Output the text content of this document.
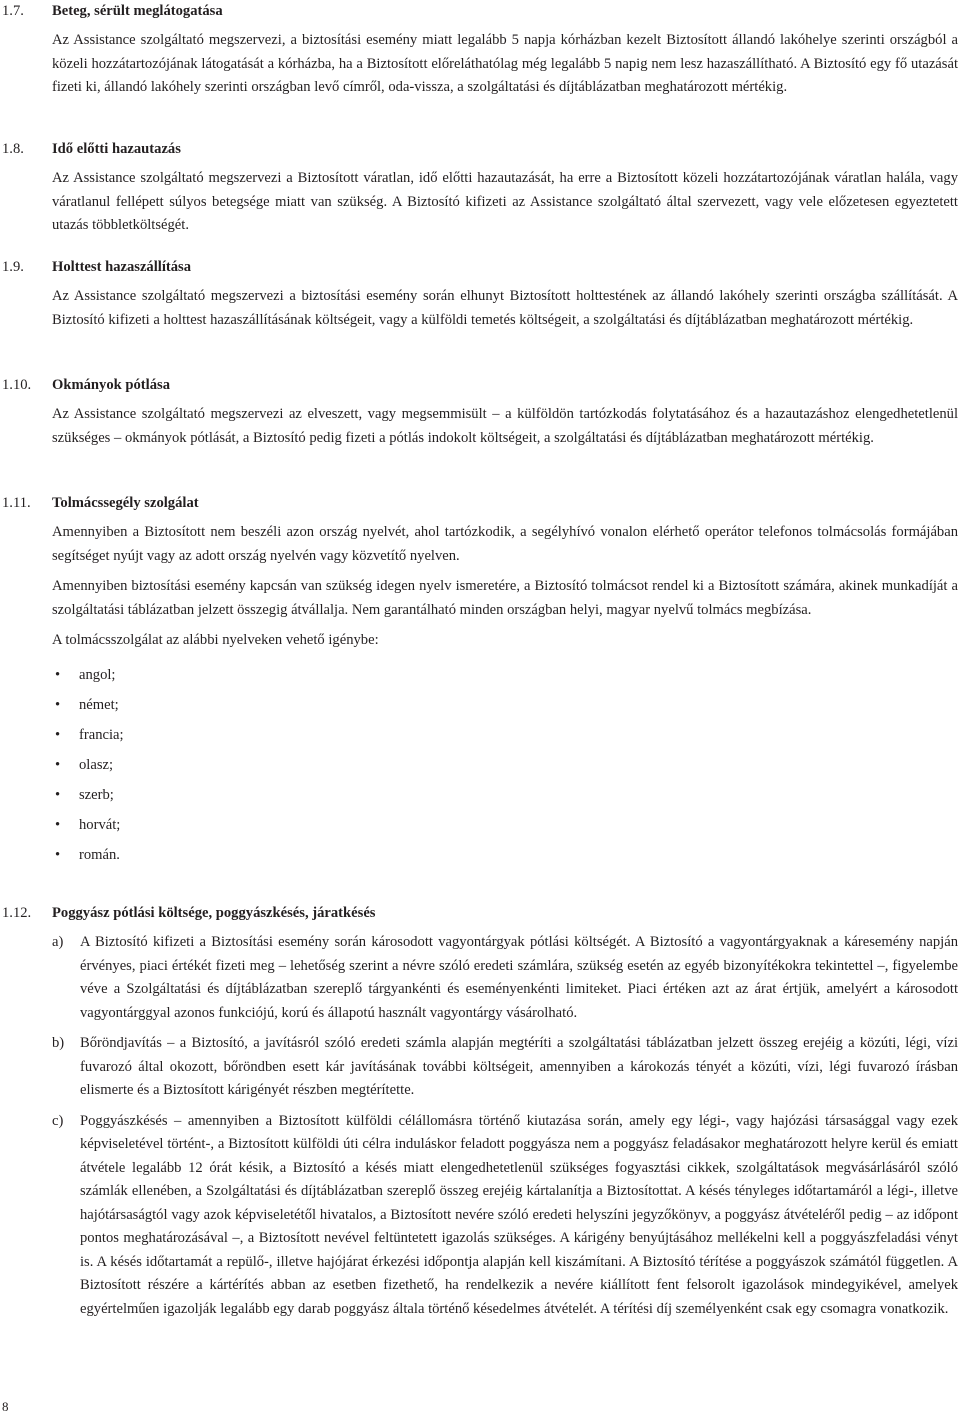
1.7. Beteg, sérült meglátogatása

Az Assistance szolgáltató megszervezi, a biztosítási esemény miatt legalább 5 napja kórházban kezelt Biztosított állandó lakóhelye szerinti országból a közeli hozzátartozójának látogatását a kórházba, ha a Biztosított előreláthatólag még legalább 5 napig nem lesz hazaszállítható. A Biztosító egy fő utazását fizeti ki, állandó lakóhely szerinti országban levő címről, oda-vissza, a szolgáltatási és díjtáblázatban meghatározott mértékig.

1.8. Idő előtti hazautazás

Az Assistance szolgáltató megszervezi a Biztosított váratlan, idő előtti hazautazását, ha erre a Biztosított közeli hozzátartozójának váratlan halála, vagy váratlanul fellépett súlyos betegsége miatt van szükség. A Biztosító kifizeti az Assistance szolgáltató által szervezett, vagy vele előzetesen egyeztetett utazás többletköltségét.

1.9. Holttest hazaszállítása

Az Assistance szolgáltató megszervezi a biztosítási esemény során elhunyt Biztosított holttestének az állandó lakóhely szerinti országba szállítását. A Biztosító kifizeti a holttest hazaszállításának költségeit, vagy a külföldi temetés költségeit, a szolgáltatási és díjtáblázatban meghatározott mértékig.

1.10. Okmányok pótlása

Az Assistance szolgáltató megszervezi az elveszett, vagy megsemmisült – a külföldön tartózkodás folytatásához és a hazautazáshoz elengedhetetlenül szükséges – okmányok pótlását, a Biztosító pedig fizeti a pótlás indokolt költségeit, a szolgáltatási és díjtáblázatban meghatározott mértékig.

1.11. Tolmácssegély szolgálat

Amennyiben a Biztosított nem beszéli azon ország nyelvét, ahol tartózkodik, a segélyhívó vonalon elérhető operátor telefonos tolmácsolás formájában segítséget nyújt vagy az adott ország nyelvén vagy közvetítő nyelven.

Amennyiben biztosítási esemény kapcsán van szükség idegen nyelv ismeretére, a Biztosító tolmácsot rendel ki a Biztosított számára, akinek munkadíját a szolgáltatási táblázatban jelzett összegig átvállalja. Nem garantálható minden országban helyi, magyar nyelvű tolmács megbízása.

A tolmácsszolgálat az alábbi nyelveken vehető igénybe:

• angol;
• német;
• francia;
• olasz;
• szerb;
• horvát;
• román.
1.12. Poggyász pótlási költsége, poggyászkésés, járatkésés
a) A Biztosító kifizeti a Biztosítási esemény során károsodott vagyontárgyak pótlási költségét. A Biztosító a vagyontárgyaknak a káresemény napján érvényes, piaci értékét fizeti meg – lehetőség szerint a névre szóló eredeti számlára, szükség esetén az egyéb bizonyítékokra tekintettel –, figyelembe véve a Szolgáltatási és díjtáblázatban szereplő tárgyankénti és eseményenkénti limiteket. Piaci értéken azt az árat értjük, amelyért a károsodott vagyontárggyal azonos funkciójú, korú és állapotú használt vagyontárgy vásárolható.
b) Bőröndjavítás – a Biztosító, a javításról szóló eredeti számla alapján megtéríti a szolgáltatási táblázatban jelzett összeg erejéig a közúti, légi, vízi fuvarozó által okozott, bőröndben esett kár javításának további költségeit, amennyiben a károkozás tényét a közúti, vízi, légi fuvarozó írásban elismerte és a Biztosított kárigényét részben megtérítette.
c) Poggyászkésés – amennyiben a Biztosított külföldi célállomásra történő kiutazása során, amely egy légi-, vagy hajózási társasággal vagy ezek képviseletével történt-, a Biztosított külföldi úti célra induláskor feladott poggyásza nem a poggyász feladásakor meghatározott helyre kerül és emiatt átvétele legalább 12 órát késik, a Biztosító a késés miatt elengedhetetlenül szükséges fogyasztási cikkek, szolgáltatások megvásárlásáról szóló számlák ellenében, a Szolgáltatási és díjtáblázatban szereplő összeg erejéig kártalanítja a Biztosítottat. A késés tényleges időtartamáról a légi-, illetve hajótársaságtól vagy azok képviseletétől hivatalos, a Biztosított nevére szóló eredeti helyszíni jegyzőkönyv, a poggyász átvételéről pedig – az időpont pontos meghatározásával –, a Biztosított nevével feltüntetett igazolás szükséges. A kárigény benyújtásához mellékelni kell a poggyászfeladási vényt is. A késés időtartamát a repülő-, illetve hajójárat érkezési időpontja alapján kell kiszámítani. A Biztosító térítése a poggyászok számától független. A Biztosított részére a kártérítés abban az esetben fizethető, ha rendelkezik a nevére kiállított fent felsorolt igazolások mindegyikével, amelyek egyértelműen igazolják legalább egy darab poggyász általa történő késedelmes átvételét. A térítési díj személyenként csak egy csomagra vonatkozik.
8
